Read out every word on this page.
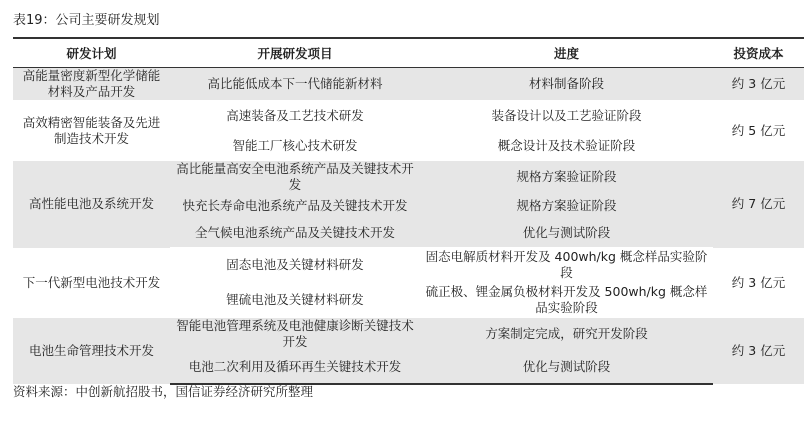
表19：公司主要研发规划
研发计划	开展研发项目	进度	投资成本
高能量密度新型化学储能材料及产品开发	高比能低成本下一代储能新材料	材料制备阶段	约 3 亿元
高效精密智能装备及先进制造技术开发	高速装备及工艺技术研发	装备设计以及工艺验证阶段	约 5 亿元
	智能工厂核心技术研发	概念设计及技术验证阶段	
高性能电池及系统开发	高比能量高安全电池系统产品及关键技术开发	规格方案验证阶段	约 7 亿元
	快充长寿命电池系统产品及关键技术开发	规格方案验证阶段	
	全气候电池系统产品及关键技术开发	优化与测试阶段	
下一代新型电池技术开发	固态电池及关键材料研发	固态电解质材料开发及 400wh/kg 概念样品实验阶段	约 3 亿元
	锂硫电池及关键材料研发	硫正极、锂金属负极材料开发及 500wh/kg 概念样品实验阶段	
电池生命管理技术开发	智能电池管理系统及电池健康诊断关键技术开发	方案制定完成，研究开发阶段	约 3 亿元
	电池二次利用及循环再生关键技术开发	优化与测试阶段	
资料来源：中创新航招股书，国信证券经济研究所整理
